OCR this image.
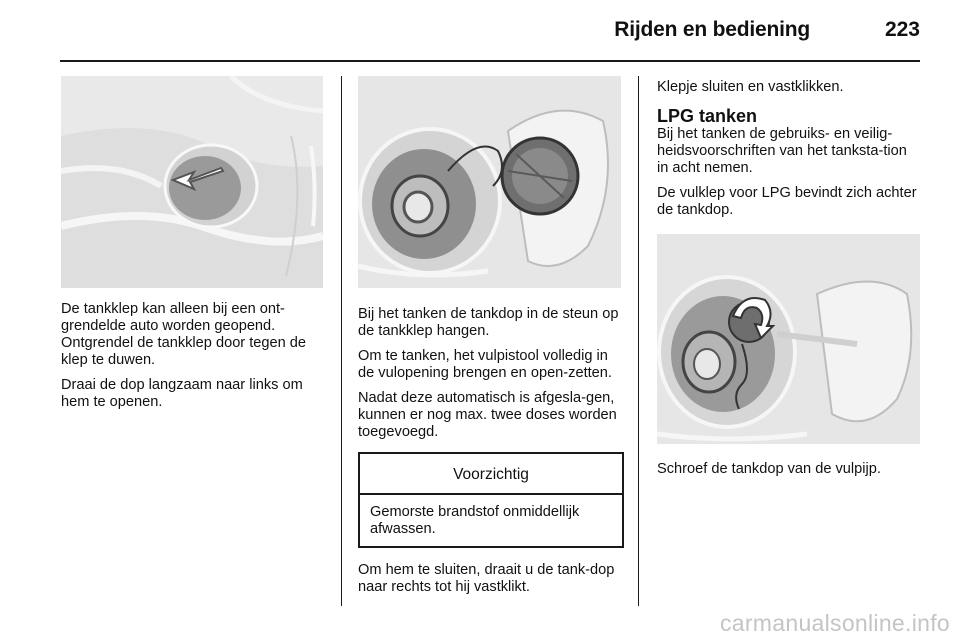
Rijden en bediening	223

De tankklep kan alleen bij een ont-grendelde auto worden geopend. Ontgrendel de tankklep door tegen de klep te duwen.

Draai de dop langzaam naar links om hem te openen.

Bij het tanken de tankdop in de steun op de tankklep hangen.

Om te tanken, het vulpistool volledig in de vulopening brengen en open-zetten.

Nadat deze automatisch is afgesla-gen, kunnen er nog max. twee doses worden toegevoegd.

Voorzichtig
Gemorste brandstof onmiddellijk afwassen.

Om hem te sluiten, draait u de tank-dop naar rechts tot hij vastklikt.

Klepje sluiten en vastklikken.

LPG tanken

Bij het tanken de gebruiks- en veilig-heidsvoorschriften van het tanksta-tion in acht nemen.

De vulklep voor LPG bevindt zich achter de tankdop.

Schroef de tankdop van de vulpijp.

carmanualsonline.info
